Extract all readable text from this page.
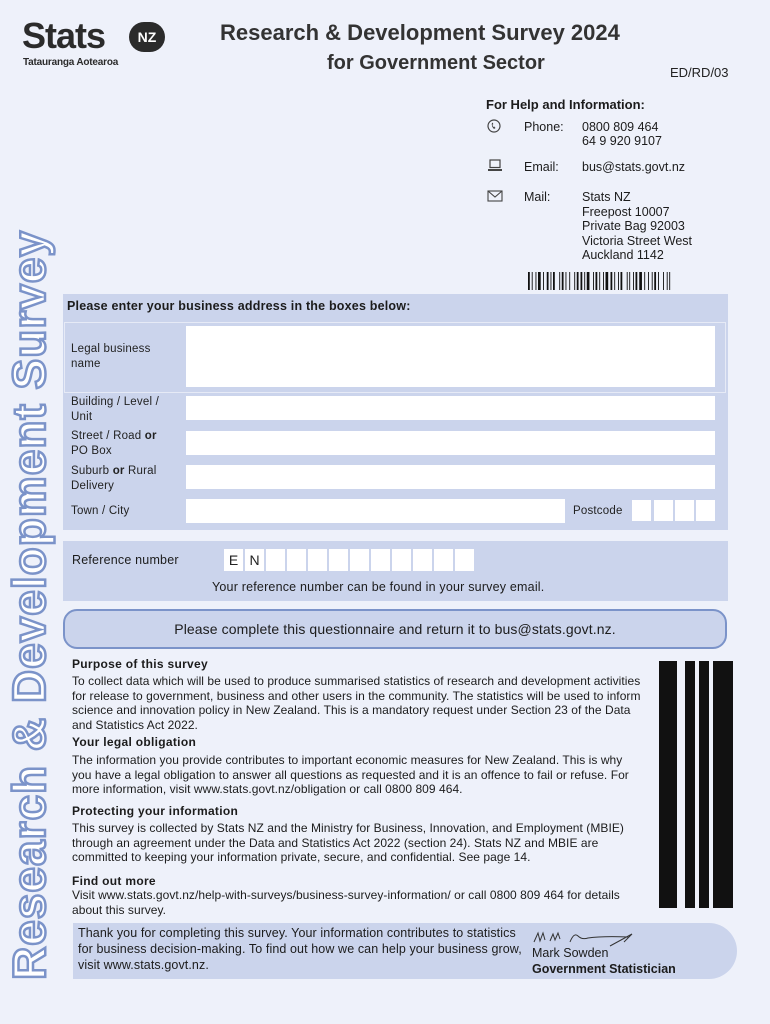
Stats	NZ
Tatauranga Aotearoa
Research & Development Survey 2024
for Government Sector	ED/RD/03
Research & Development Survey
For Help and Information:
Phone: 0800 809 464
64 9 920 9107
Email: bus@stats.govt.nz
Mail:	Stats NZ
Freepost 10007
Private Bag 92003
Victoria Street West
Auckland 1142
Please enter your business address in the boxes below:
Legal business
name
Building / Level /
Unit
Street / Road or
PO Box
Suburb or Rural
Delivery
Town / City	Postcode
Reference number	E N
Your reference number can be found in your survey email.
Please complete this questionnaire and return it to bus@stats.govt.nz.
Purpose of this survey
To collect data which will be used to produce summarised statistics of research and development activities for release to government, business and other users in the community. The statistics will be used to inform science and innovation policy in New Zealand. This is a mandatory request under Section 23 of the Data and Statistics Act 2022.
Your legal obligation
The information you provide contributes to important economic measures for New Zealand. This is why you have a legal obligation to answer all questions as requested and it is an offence to fail or refuse. For more information, visit www.stats.govt.nz/obligation or call 0800 809 464.
Protecting your information
This survey is collected by Stats NZ and the Ministry for Business, Innovation, and Employment (MBIE) through an agreement under the Data and Statistics Act 2022 (section 24). Stats NZ and MBIE are committed to keeping your information private, secure, and confidential. See page 14.
Find out more
Visit www.stats.govt.nz/help-with-surveys/business-survey-information/ or call 0800 809 464 for details about this survey.
Thank you for completing this survey. Your information contributes to statistics for business decision-making. To find out how we can help your business grow, visit www.stats.govt.nz.
Mark Sowden
Government Statistician
